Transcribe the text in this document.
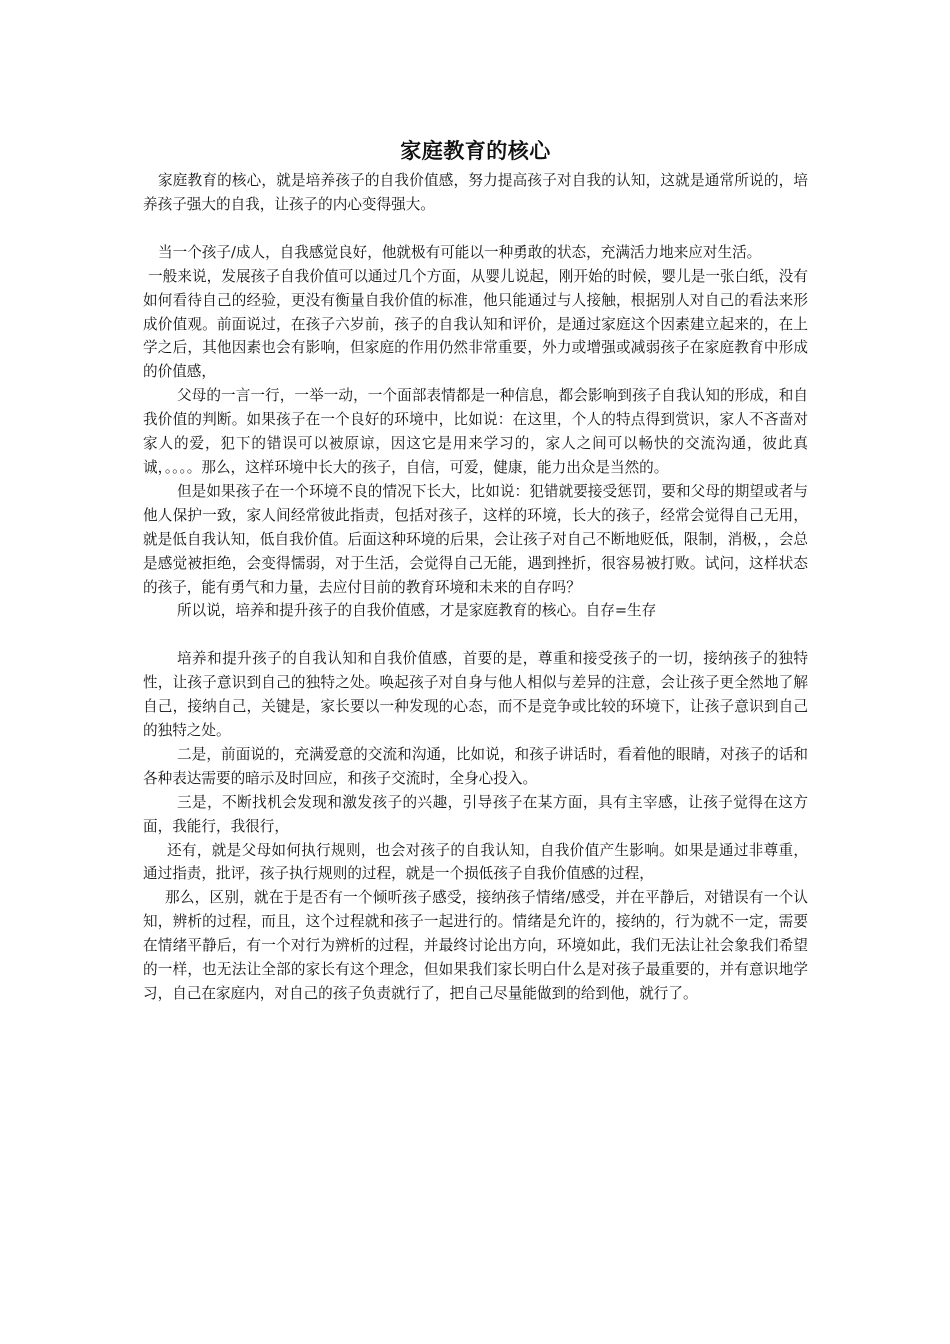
家庭教育的核心

家庭教育的核心，就是培养孩子的自我价值感，努力提高孩子对自我的认知，这就是通常所说的，培养孩子强大的自我，让孩子的内心变得强大。

当一个孩子/成人，自我感觉良好，他就极有可能以一种勇敢的状态，充满活力地来应对生活。

一般来说，发展孩子自我价值可以通过几个方面，从婴儿说起，刚开始的时候，婴儿是一张白纸，没有如何看待自己的经验，更没有衡量自我价值的标准，他只能通过与人接触，根据别人对自己的看法来形成价值观。前面说过，在孩子六岁前，孩子的自我认知和评价，是通过家庭这个因素建立起来的，在上学之后，其他因素也会有影响，但家庭的作用仍然非常重要，外力或增强或减弱孩子在家庭教育中形成的价值感，

父母的一言一行，一举一动，一个面部表情都是一种信息，都会影响到孩子自我认知的形成，和自我价值的判断。如果孩子在一个良好的环境中，比如说：在这里，个人的特点得到赏识，家人不吝啬对家人的爱，犯下的错误可以被原谅，因这它是用来学习的，家人之间可以畅快的交流沟通，彼此真诚，。。。。那么，这样环境中长大的孩子，自信，可爱，健康，能力出众是当然的。

但是如果孩子在一个环境不良的情况下长大，比如说：犯错就要接受惩罚，要和父母的期望或者与他人保护一致，家人间经常彼此指责，包括对孩子，这样的环境，长大的孩子，经常会觉得自己无用，就是低自我认知，低自我价值。后面这种环境的后果，会让孩子对自己不断地贬低，限制，消极，，会总是感觉被拒绝，会变得懦弱，对于生活，会觉得自己无能，遇到挫折，很容易被打败。试问，这样状态的孩子，能有勇气和力量，去应付目前的教育环境和未来的自存吗？

所以说，培养和提升孩子的自我价值感，才是家庭教育的核心。自存=生存

培养和提升孩子的自我认知和自我价值感，首要的是，尊重和接受孩子的一切，接纳孩子的独特性，让孩子意识到自己的独特之处。唤起孩子对自身与他人相似与差异的注意，会让孩子更全然地了解自己，接纳自己，关键是，家长要以一种发现的心态，而不是竞争或比较的环境下，让孩子意识到自己的独特之处。

二是，前面说的，充满爱意的交流和沟通，比如说，和孩子讲话时，看着他的眼睛，对孩子的话和各种表达需要的暗示及时回应，和孩子交流时，全身心投入。

三是，不断找机会发现和激发孩子的兴趣，引导孩子在某方面，具有主宰感，让孩子觉得在这方面，我能行，我很行，

还有，就是父母如何执行规则，也会对孩子的自我认知，自我价值产生影响。如果是通过非尊重，通过指责，批评，孩子执行规则的过程，就是一个损低孩子自我价值感的过程，

那么，区别，就在于是否有一个倾听孩子感受，接纳孩子情绪/感受，并在平静后，对错误有一个认知，辨析的过程，而且，这个过程就和孩子一起进行的。情绪是允许的，接纳的，行为就不一定，需要在情绪平静后，有一个对行为辨析的过程，并最终讨论出方向，环境如此，我们无法让社会象我们希望的一样，也无法让全部的家长有这个理念，但如果我们家长明白什么是对孩子最重要的，并有意识地学习，自己在家庭内，对自己的孩子负责就行了，把自己尽量能做到的给到他，就行了。
